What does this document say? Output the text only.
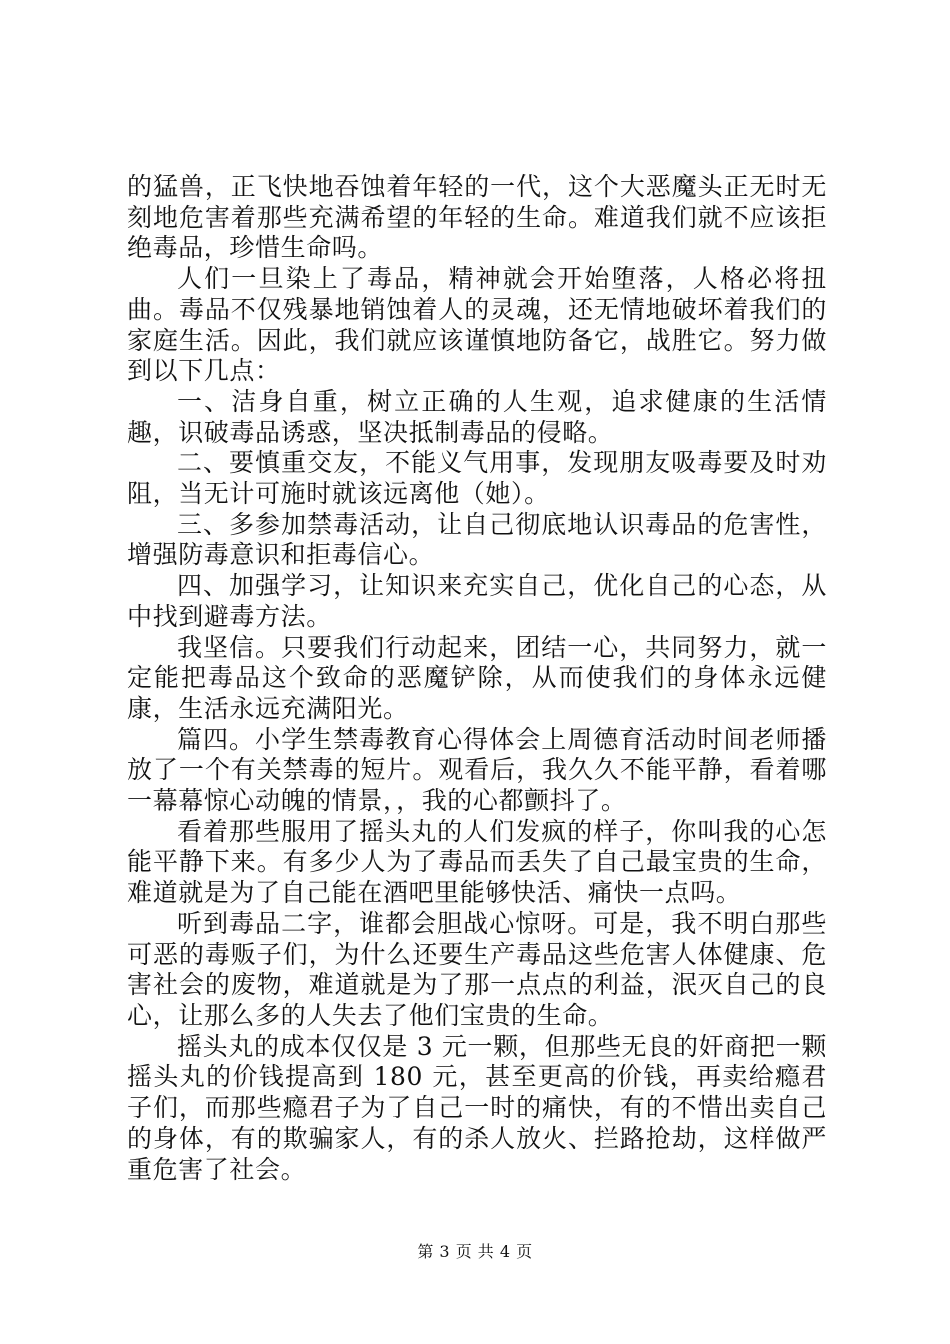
的猛兽，正飞快地吞蚀着年轻的一代，这个大恶魔头正无时无刻地危害着那些充满希望的年轻的生命。难道我们就不应该拒绝毒品，珍惜生命吗。

人们一旦染上了毒品，精神就会开始堕落，人格必将扭曲。毒品不仅残暴地销蚀着人的灵魂，还无情地破坏着我们的家庭生活。因此，我们就应该谨慎地防备它，战胜它。努力做到以下几点：

一、洁身自重，树立正确的人生观，追求健康的生活情趣，识破毒品诱惑，坚决抵制毒品的侵略。

二、要慎重交友，不能义气用事，发现朋友吸毒要及时劝阻，当无计可施时就该远离他（她）。

三、多参加禁毒活动，让自己彻底地认识毒品的危害性，增强防毒意识和拒毒信心。

四、加强学习，让知识来充实自己，优化自己的心态，从中找到避毒方法。

我坚信。只要我们行动起来，团结一心，共同努力，就一定能把毒品这个致命的恶魔铲除，从而使我们的身体永远健康，生活永远充满阳光。

篇四。小学生禁毒教育心得体会上周德育活动时间老师播放了一个有关禁毒的短片。观看后，我久久不能平静，看着哪一幕幕惊心动魄的情景，，我的心都颤抖了。

看着那些服用了摇头丸的人们发疯的样子，你叫我的心怎能平静下来。有多少人为了毒品而丢失了自己最宝贵的生命，难道就是为了自己能在酒吧里能够快活、痛快一点吗。

听到毒品二字，谁都会胆战心惊呀。可是，我不明白那些可恶的毒贩子们，为什么还要生产毒品这些危害人体健康、危害社会的废物，难道就是为了那一点点的利益，泯灭自己的良心，让那么多的人失去了他们宝贵的生命。

摇头丸的成本仅仅是 3 元一颗，但那些无良的奸商把一颗摇头丸的价钱提高到 180 元，甚至更高的价钱，再卖给瘾君子们，而那些瘾君子为了自己一时的痛快，有的不惜出卖自己的身体，有的欺骗家人，有的杀人放火、拦路抢劫，这样做严重危害了社会。

第 3 页 共 4 页
